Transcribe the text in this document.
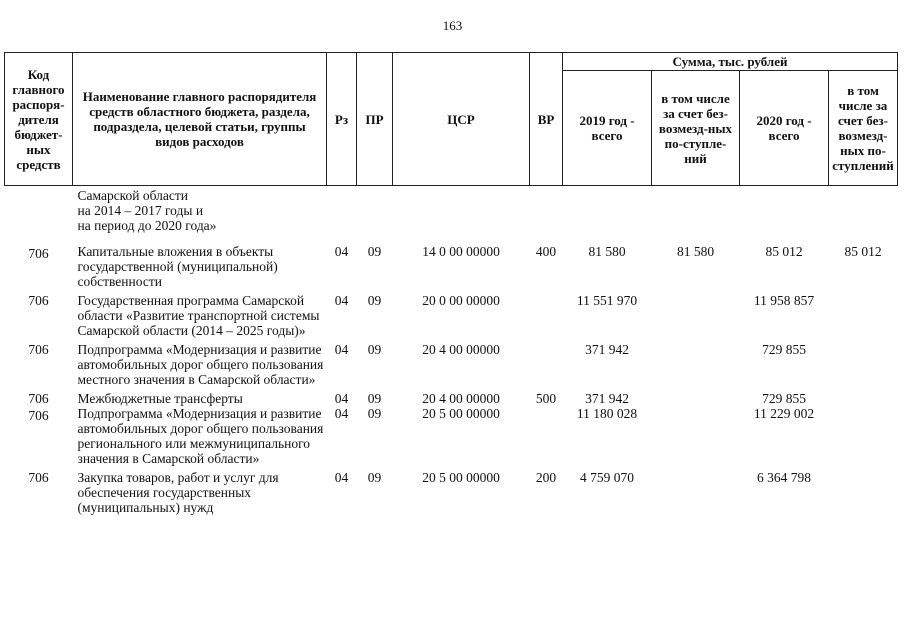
163
Код главного распоря-дителя бюджет-ных средств	Наименование главного распорядителя средств областного бюджета, раздела, подраздела, целевой статьи, группы видов расходов	Рз	ПР	ЦСР	ВР	Сумма, тыс. рублей			
						2019 год - всего	в том числе за счет без-возмезд-ных по-ступле-ний	2020 год - всего	в том числе за счет без-возмезд-ных по-ступлений
	Самарской области
на 2014 – 2017 годы и
на период до 2020 года»								
706	Капитальные вложения в объекты государственной (муниципальной) собственности	04	09	14 0 00 00000	400	81 580	81 580	85 012	85 012
706	Государственная программа Самарской области «Развитие транспортной системы Самарской области (2014 – 2025 годы)»	04	09	20 0 00 00000		11 551 970		11 958 857	
706	Подпрограмма «Модернизация и развитие автомобильных дорог общего пользования местного значения в Самарской области»	04	09	20 4 00 00000		371 942		729 855	
706	Межбюджетные трансферты	04	09	20 4 00 00000	500	371 942		729 855	
706	Подпрограмма «Модернизация и развитие автомобильных дорог общего пользования регионального или межмуниципального значения в Самарской области»	04	09	20 5 00 00000		11 180 028		11 229 002	
706	Закупка товаров, работ и услуг для обеспечения государственных (муниципальных) нужд	04	09	20 5 00 00000	200	4 759 070		6 364 798	
